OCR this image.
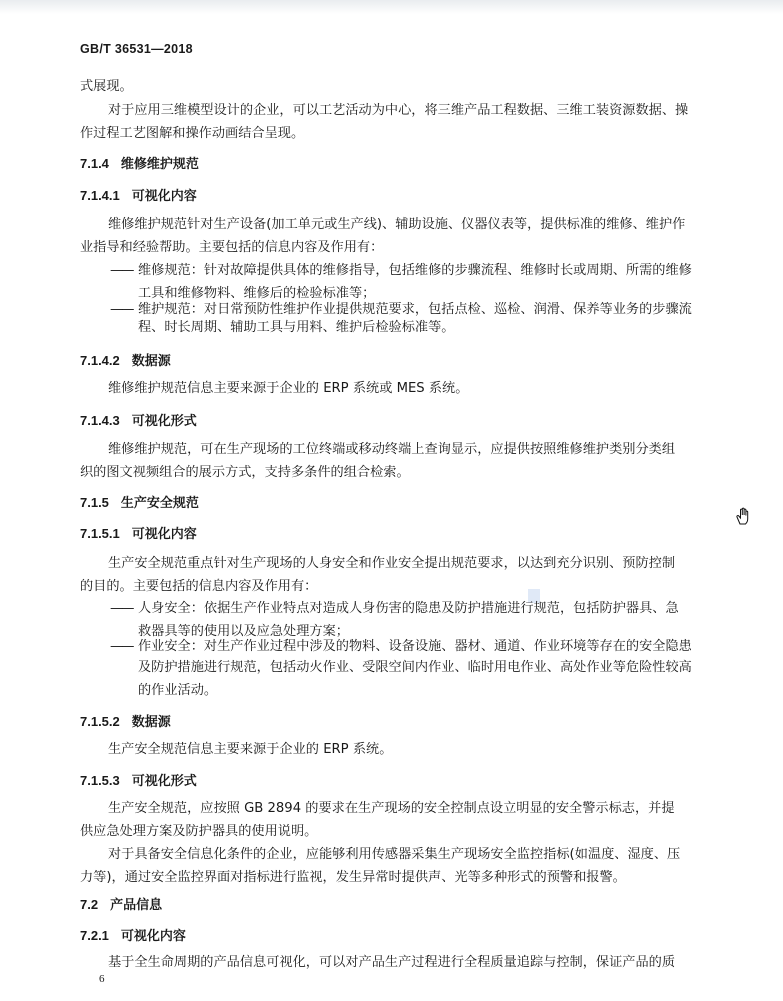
GB/T 36531—2018

式展现。

对于应用三维模型设计的企业，可以工艺活动为中心，将三维产品工程数据、三维工装资源数据、操

作过程工艺图解和操作动画结合呈现。

7.1.4 维修维护规范
7.1.4.1 可视化内容

维修维护规范针对生产设备(加工单元或生产线)、辅助设施、仪器仪表等，提供标准的维修、维护作

业指导和经验帮助。主要包括的信息内容及作用有：

—— 维修规范：针对故障提供具体的维修指导，包括维修的步骤流程、维修时长或周期、所需的维修

工具和维修物料、维修后的检验标准等；

—— 维护规范：对日常预防性维护作业提供规范要求，包括点检、巡检、润滑、保养等业务的步骤流

程、时长周期、辅助工具与用料、维护后检验标准等。

7.1.4.2 数据源

维修维护规范信息主要来源于企业的 ERP 系统或 MES 系统。

7.1.4.3 可视化形式

维修维护规范，可在生产现场的工位终端或移动终端上查询显示，应提供按照维修维护类别分类组

织的图文视频组合的展示方式，支持多条件的组合检索。

7.1.5 生产安全规范
7.1.5.1 可视化内容

生产安全规范重点针对生产现场的人身安全和作业安全提出规范要求，以达到充分识别、预防控制

的目的。主要包括的信息内容及作用有：

—— 人身安全：依据生产作业特点对造成人身伤害的隐患及防护措施进行规范，包括防护器具、急

救器具等的使用以及应急处理方案；

—— 作业安全：对生产作业过程中涉及的物料、设备设施、器材、通道、作业环境等存在的安全隐患

及防护措施进行规范，包括动火作业、受限空间内作业、临时用电作业、高处作业等危险性较高

的作业活动。

7.1.5.2 数据源

生产安全规范信息主要来源于企业的 ERP 系统。

7.1.5.3 可视化形式

生产安全规范，应按照 GB 2894 的要求在生产现场的安全控制点设立明显的安全警示标志，并提

供应急处理方案及防护器具的使用说明。

对于具备安全信息化条件的企业，应能够利用传感器采集生产现场安全监控指标(如温度、湿度、压

力等)，通过安全监控界面对指标进行监视，发生异常时提供声、光等多种形式的预警和报警。

7.2 产品信息
7.2.1 可视化内容

基于全生命周期的产品信息可视化，可以对产品生产过程进行全程质量追踪与控制，保证产品的质

6
